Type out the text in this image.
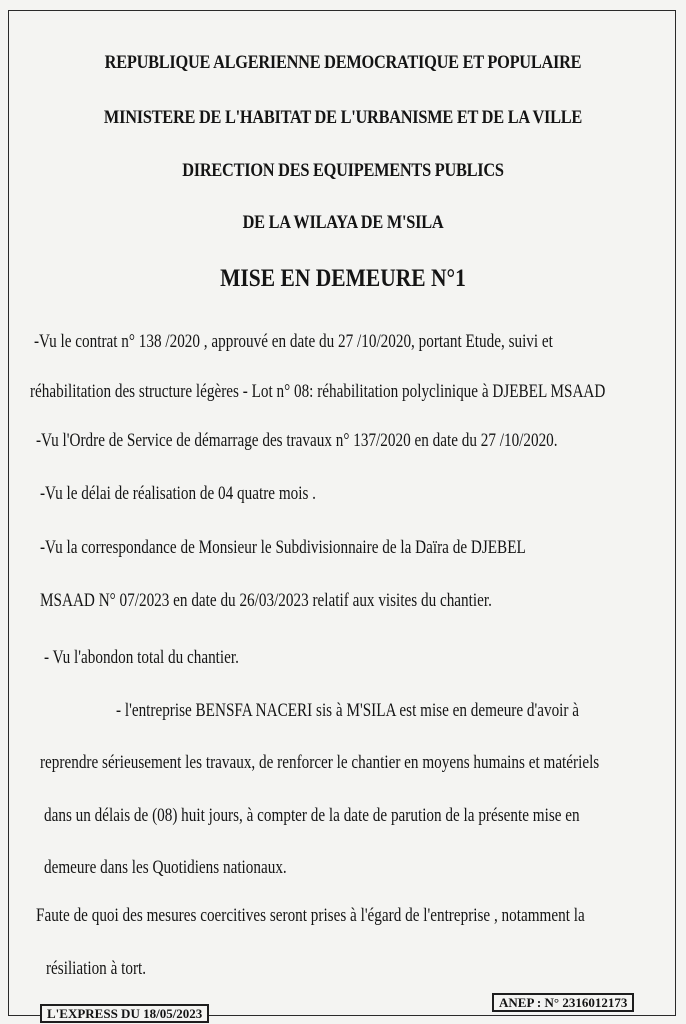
REPUBLIQUE ALGERIENNE DEMOCRATIQUE ET POPULAIRE
MINISTERE DE L'HABITAT DE L'URBANISME ET DE LA VILLE
DIRECTION DES EQUIPEMENTS PUBLICS
DE LA WILAYA DE M'SILA
MISE EN DEMEURE N°1
-Vu le contrat n° 138 /2020 , approuvé en date du 27 /10/2020, portant Etude, suivi et
réhabilitation des structure légères - Lot n° 08: réhabilitation polyclinique à DJEBEL MSAAD
-Vu l'Ordre de Service de démarrage des travaux n° 137/2020 en date du 27 /10/2020.
-Vu le délai de réalisation de 04 quatre mois .
-Vu la correspondance de Monsieur le Subdivisionnaire de la Daïra de DJEBEL
MSAAD N° 07/2023 en date du 26/03/2023 relatif aux visites du chantier.
- Vu l'abondon total du chantier.
- l'entreprise BENSFA NACERI sis à M'SILA est mise en demeure d'avoir à
reprendre sérieusement les travaux, de renforcer le chantier en moyens humains et matériels
dans un délais de (08) huit jours, à compter de la date de parution de la présente mise en
demeure dans les Quotidiens nationaux.
Faute de quoi des mesures coercitives seront prises à l'égard de l'entreprise , notamment la
résiliation à tort.
L'EXPRESS DU 18/05/2023
ANEP : N° 2316012173
